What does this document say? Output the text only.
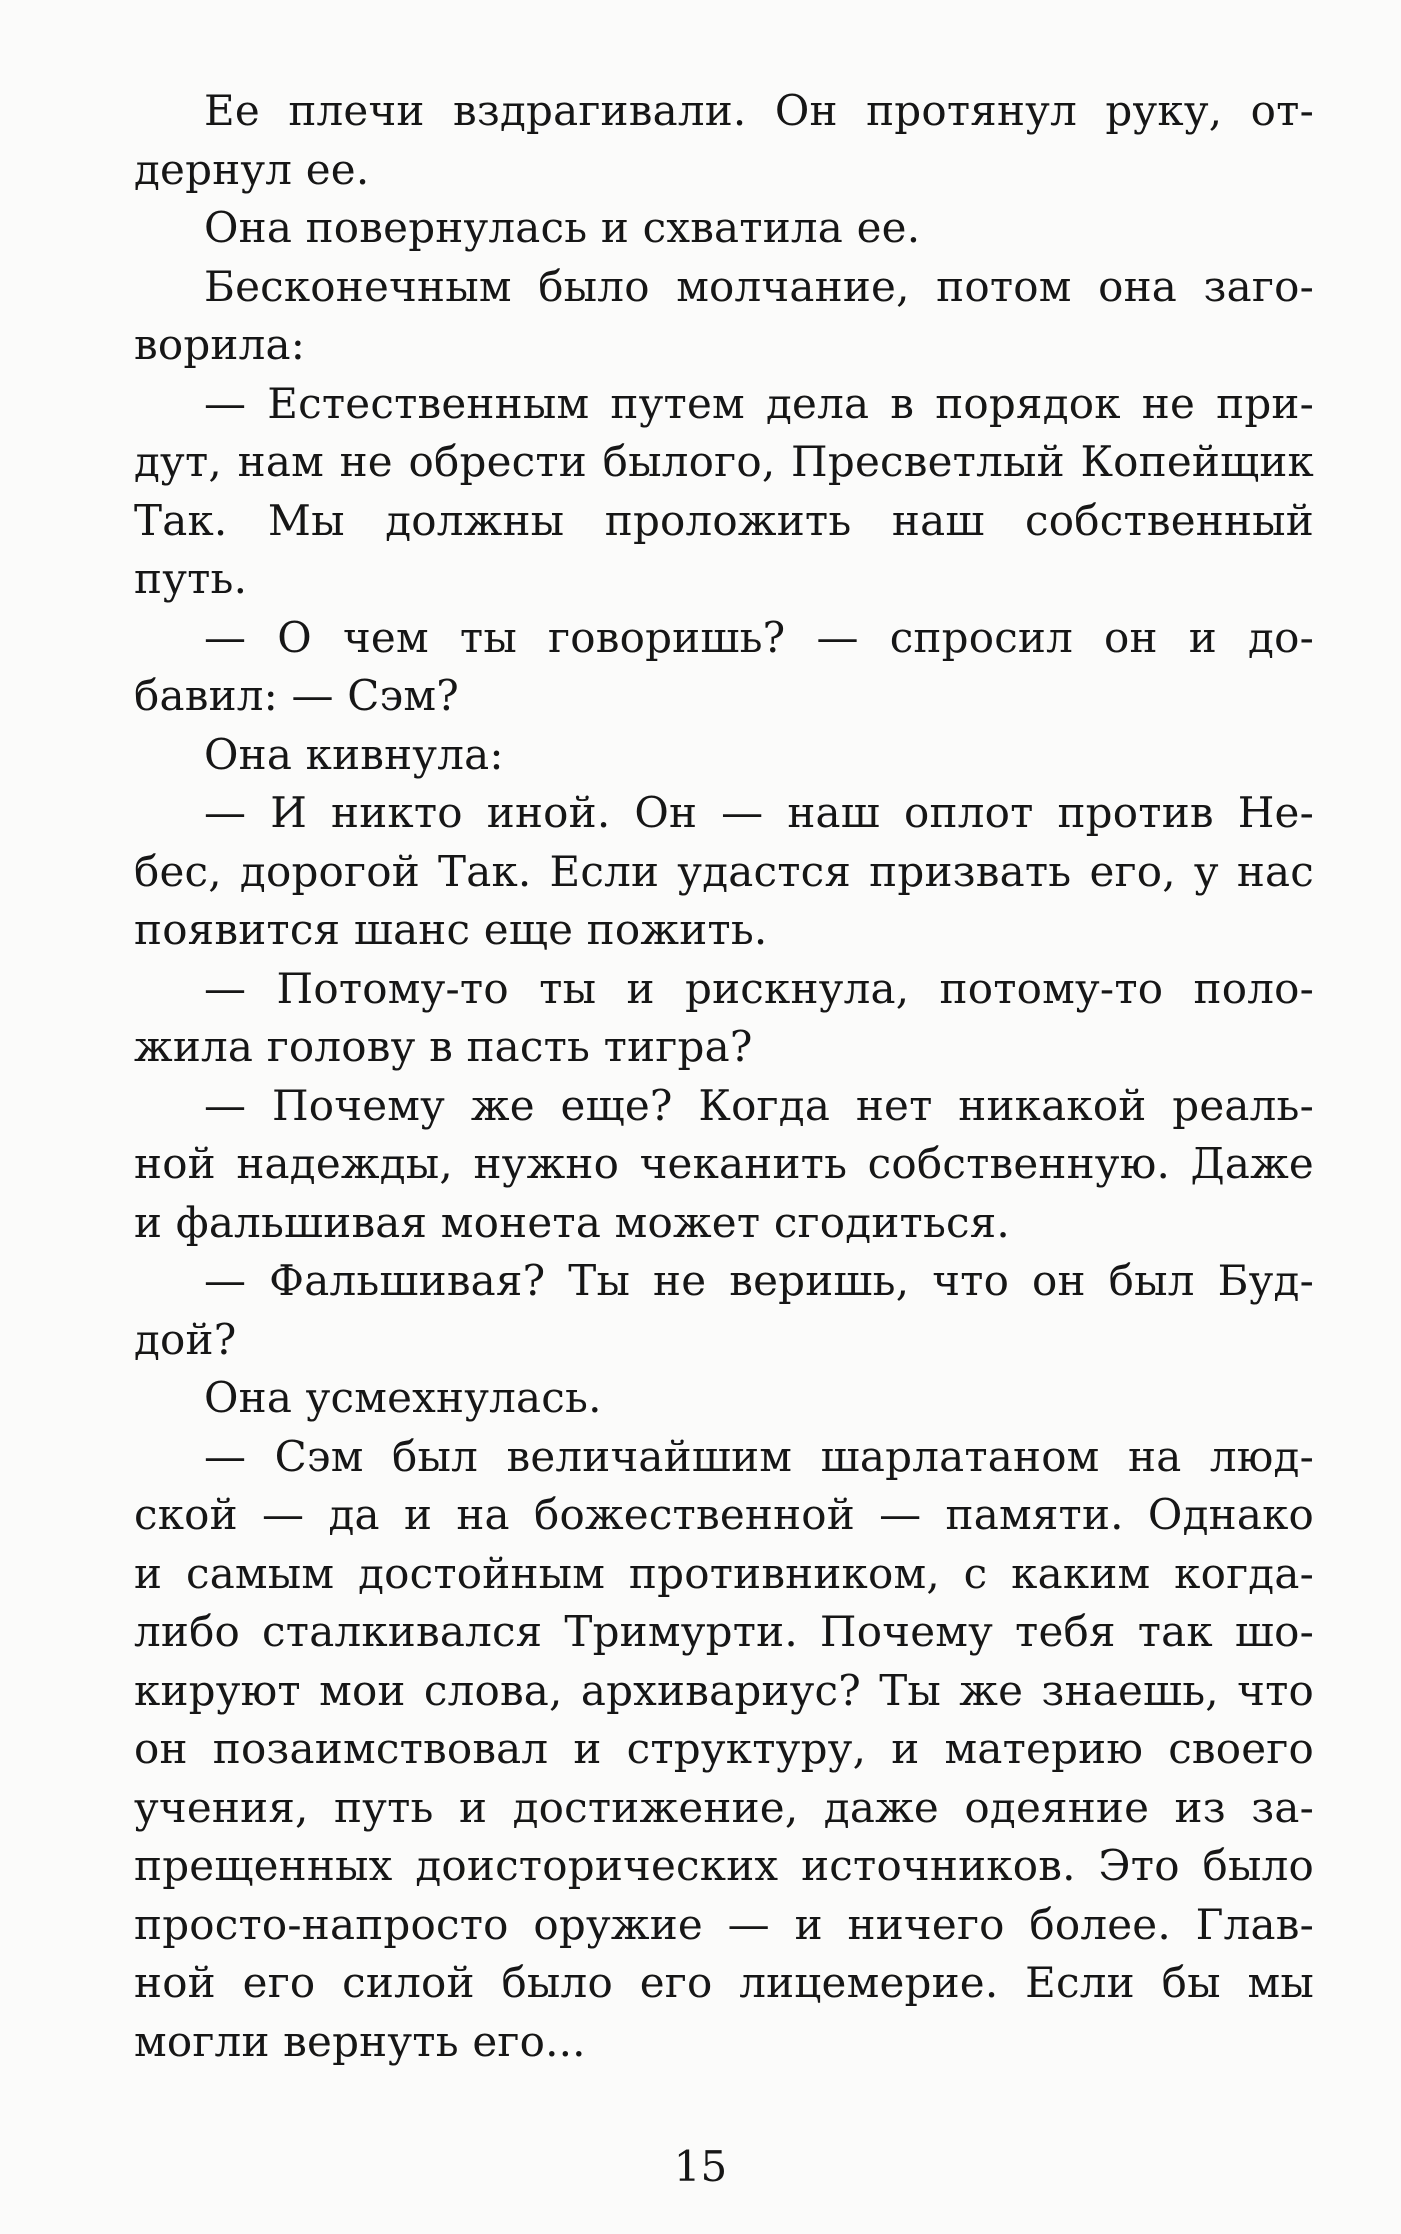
Ее плечи вздрагивали. Он протянул руку, от-
дернул ее.
Она повернулась и схватила ее.
Бесконечным было молчание, потом она заго-
ворила:
— Естественным путем дела в порядок не при-
дут, нам не обрести былого, Пресветлый Копейщик
Так. Мы должны проложить наш собственный
путь.
— О чем ты говоришь? — спросил он и до-
бавил: — Сэм?
Она кивнула:
— И никто иной. Он — наш оплот против Не-
бес, дорогой Так. Если удастся призвать его, у нас
появится шанс еще пожить.
— Потому-то ты и рискнула, потому-то поло-
жила голову в пасть тигра?
— Почему же еще? Когда нет никакой реаль-
ной надежды, нужно чеканить собственную. Даже
и фальшивая монета может сгодиться.
— Фальшивая? Ты не веришь, что он был Буд-
дой?
Она усмехнулась.
— Сэм был величайшим шарлатаном на люд-
ской — да и на божественной — памяти. Однако
и самым достойным противником, с каким когда-
либо сталкивался Тримурти. Почему тебя так шо-
кируют мои слова, архивариус? Ты же знаешь, что
он позаимствовал и структуру, и материю своего
учения, путь и достижение, даже одеяние из за-
прещенных доисторических источников. Это было
просто-напросто оружие — и ничего более. Глав-
ной его силой было его лицемерие. Если бы мы
могли вернуть его...
15
